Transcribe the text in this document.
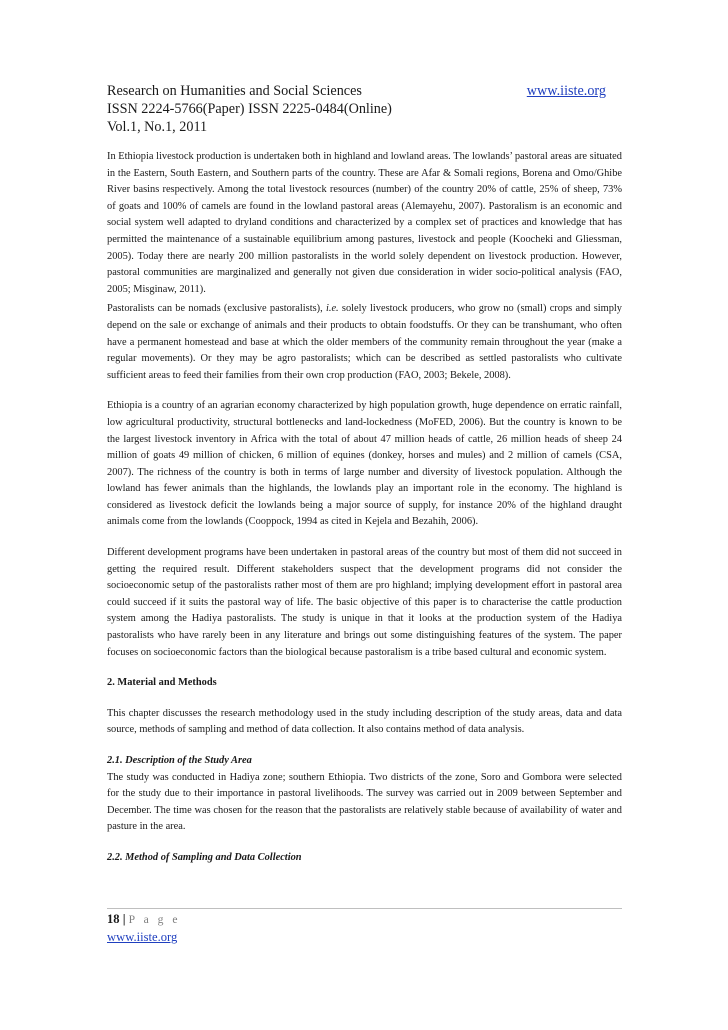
Research on Humanities and Social Sciences	www.iiste.org
ISSN 2224-5766(Paper) ISSN 2225-0484(Online)
Vol.1, No.1, 2011

In Ethiopia livestock production is undertaken both in highland and lowland areas. The lowlands’ pastoral areas are situated in the Eastern, South Eastern, and Southern parts of the country. These are Afar & Somali regions, Borena and Omo/Ghibe River basins respectively. Among the total livestock resources (number) of the country 20% of cattle, 25% of sheep, 73% of goats and 100% of camels are found in the lowland pastoral areas (Alemayehu, 2007). Pastoralism is an economic and social system well adapted to dryland conditions and characterized by a complex set of practices and knowledge that has permitted the maintenance of a sustainable equilibrium among pastures, livestock and people (Koocheki and Gliessman, 2005). Today there are nearly 200 million pastoralists in the world solely dependent on livestock production. However, pastoral communities are marginalized and generally not given due consideration in wider socio-political analysis (FAO, 2005; Misginaw, 2011).

Pastoralists can be nomads (exclusive pastoralists), i.e. solely livestock producers, who grow no (small) crops and simply depend on the sale or exchange of animals and their products to obtain foodstuffs. Or they can be transhumant, who often have a permanent homestead and base at which the older members of the community remain throughout the year (make a regular movements). Or they may be agro pastoralists; which can be described as settled pastoralists who cultivate sufficient areas to feed their families from their own crop production (FAO, 2003; Bekele, 2008).

Ethiopia is a country of an agrarian economy characterized by high population growth, huge dependence on erratic rainfall, low agricultural productivity, structural bottlenecks and land-lockedness (MoFED, 2006). But the country is known to be the largest livestock inventory in Africa with the total of about 47 million heads of cattle, 26 million heads of sheep 24 million of goats 49 million of chicken, 6 million of equines (donkey, horses and mules) and 2 million of camels (CSA, 2007). The richness of the country is both in terms of large number and diversity of livestock population. Although the lowland has fewer animals than the highlands, the lowlands play an important role in the economy. The highland is considered as livestock deficit the lowlands being a major source of supply, for instance 20% of the highland draught animals come from the lowlands (Cooppock, 1994 as cited in Kejela and Bezahih, 2006).

Different development programs have been undertaken in pastoral areas of the country but most of them did not succeed in getting the required result. Different stakeholders suspect that the development programs did not consider the socioeconomic setup of the pastoralists rather most of them are pro highland; implying development effort in pastoral area could succeed if it suits the pastoral way of life. The basic objective of this paper is to characterise the cattle production system among the Hadiya pastoralists. The study is unique in that it looks at the production system of the Hadiya pastoralists who have rarely been in any literature and brings out some distinguishing features of the system. The paper focuses on socioeconomic factors than the biological because pastoralism is a tribe based cultural and economic system.

2. Material and Methods

This chapter discusses the research methodology used in the study including description of the study areas, data and data source, methods of sampling and method of data collection. It also contains method of data analysis.

2.1. Description of the Study Area

The study was conducted in Hadiya zone; southern Ethiopia. Two districts of the zone, Soro and Gombora were selected for the study due to their importance in pastoral livelihoods. The survey was carried out in 2009 between September and December. The time was chosen for the reason that the pastoralists are relatively stable because of availability of water and pasture in the area.

2.2. Method of Sampling and Data Collection

18 | P a g e
www.iiste.org
